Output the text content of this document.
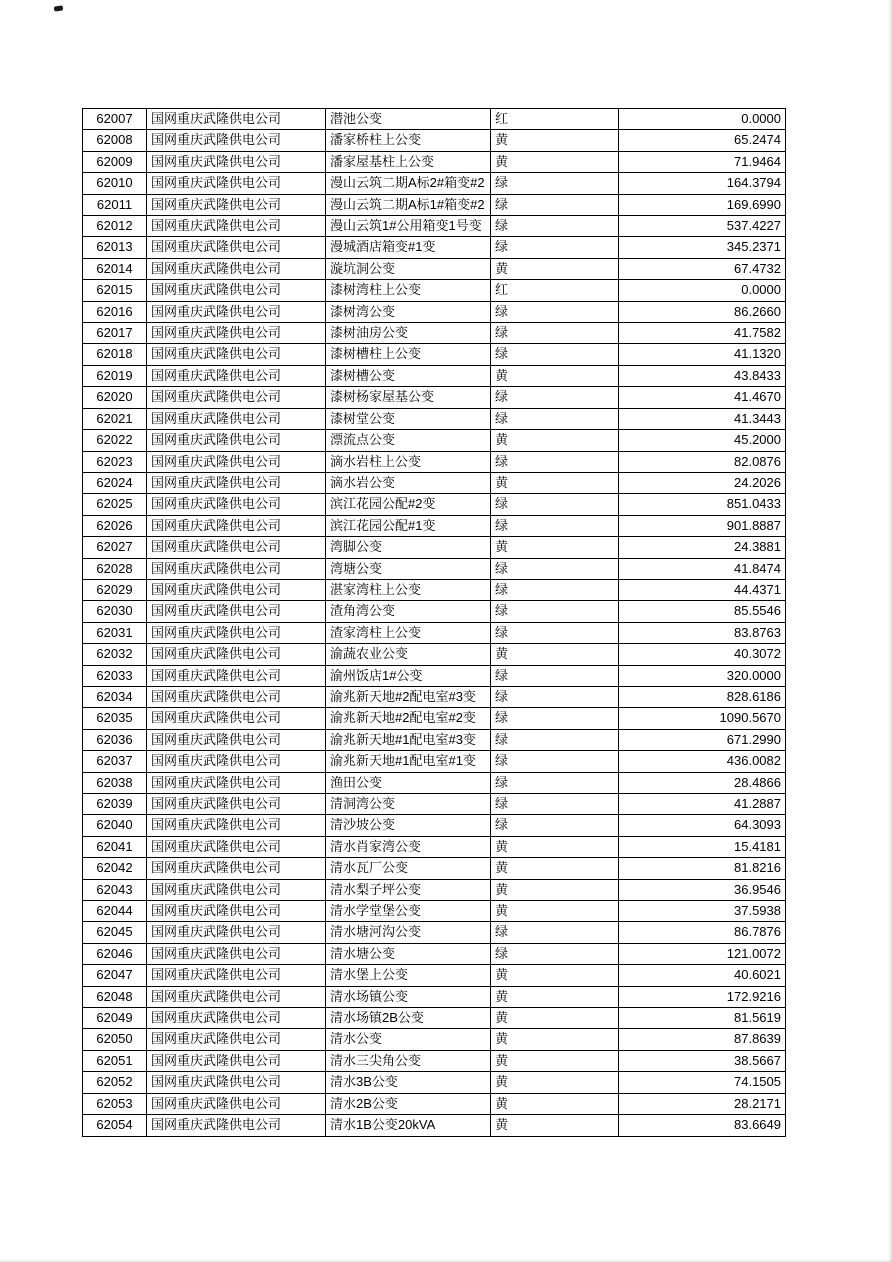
62007	国网重庆武隆供电公司	潜池公变	红	0.0000
62008	国网重庆武隆供电公司	潘家桥柱上公变	黄	65.2474
62009	国网重庆武隆供电公司	潘家屋基柱上公变	黄	71.9464
62010	国网重庆武隆供电公司	漫山云筑二期A标2#箱变#2	绿	164.3794
62011	国网重庆武隆供电公司	漫山云筑二期A标1#箱变#2	绿	169.6990
62012	国网重庆武隆供电公司	漫山云筑1#公用箱变1号变	绿	537.4227
62013	国网重庆武隆供电公司	漫城酒店箱变#1变	绿	345.2371
62014	国网重庆武隆供电公司	漩坑洞公变	黄	67.4732
62015	国网重庆武隆供电公司	漆树湾柱上公变	红	0.0000
62016	国网重庆武隆供电公司	漆树湾公变	绿	86.2660
62017	国网重庆武隆供电公司	漆树油房公变	绿	41.7582
62018	国网重庆武隆供电公司	漆树槽柱上公变	绿	41.1320
62019	国网重庆武隆供电公司	漆树槽公变	黄	43.8433
62020	国网重庆武隆供电公司	漆树杨家屋基公变	绿	41.4670
62021	国网重庆武隆供电公司	漆树堂公变	绿	41.3443
62022	国网重庆武隆供电公司	漂流点公变	黄	45.2000
62023	国网重庆武隆供电公司	滴水岩柱上公变	绿	82.0876
62024	国网重庆武隆供电公司	滴水岩公变	黄	24.2026
62025	国网重庆武隆供电公司	滨江花园公配#2变	绿	851.0433
62026	国网重庆武隆供电公司	滨江花园公配#1变	绿	901.8887
62027	国网重庆武隆供电公司	湾脚公变	黄	24.3881
62028	国网重庆武隆供电公司	湾塘公变	绿	41.8474
62029	国网重庆武隆供电公司	湛家湾柱上公变	绿	44.4371
62030	国网重庆武隆供电公司	渣角湾公变	绿	85.5546
62031	国网重庆武隆供电公司	渣家湾柱上公变	绿	83.8763
62032	国网重庆武隆供电公司	渝蔬农业公变	黄	40.3072
62033	国网重庆武隆供电公司	渝州饭店1#公变	绿	320.0000
62034	国网重庆武隆供电公司	渝兆新天地#2配电室#3变	绿	828.6186
62035	国网重庆武隆供电公司	渝兆新天地#2配电室#2变	绿	1090.5670
62036	国网重庆武隆供电公司	渝兆新天地#1配电室#3变	绿	671.2990
62037	国网重庆武隆供电公司	渝兆新天地#1配电室#1变	绿	436.0082
62038	国网重庆武隆供电公司	渔田公变	绿	28.4866
62039	国网重庆武隆供电公司	清洞湾公变	绿	41.2887
62040	国网重庆武隆供电公司	清沙坡公变	绿	64.3093
62041	国网重庆武隆供电公司	清水肖家湾公变	黄	15.4181
62042	国网重庆武隆供电公司	清水瓦厂公变	黄	81.8216
62043	国网重庆武隆供电公司	清水梨子坪公变	黄	36.9546
62044	国网重庆武隆供电公司	清水学堂堡公变	黄	37.5938
62045	国网重庆武隆供电公司	清水塘河沟公变	绿	86.7876
62046	国网重庆武隆供电公司	清水塘公变	绿	121.0072
62047	国网重庆武隆供电公司	清水堡上公变	黄	40.6021
62048	国网重庆武隆供电公司	清水场镇公变	黄	172.9216
62049	国网重庆武隆供电公司	清水场镇2B公变	黄	81.5619
62050	国网重庆武隆供电公司	清水公变	黄	87.8639
62051	国网重庆武隆供电公司	清水三尖角公变	黄	38.5667
62052	国网重庆武隆供电公司	清水3B公变	黄	74.1505
62053	国网重庆武隆供电公司	清水2B公变	黄	28.2171
62054	国网重庆武隆供电公司	清水1B公变20kVA	黄	83.6649
